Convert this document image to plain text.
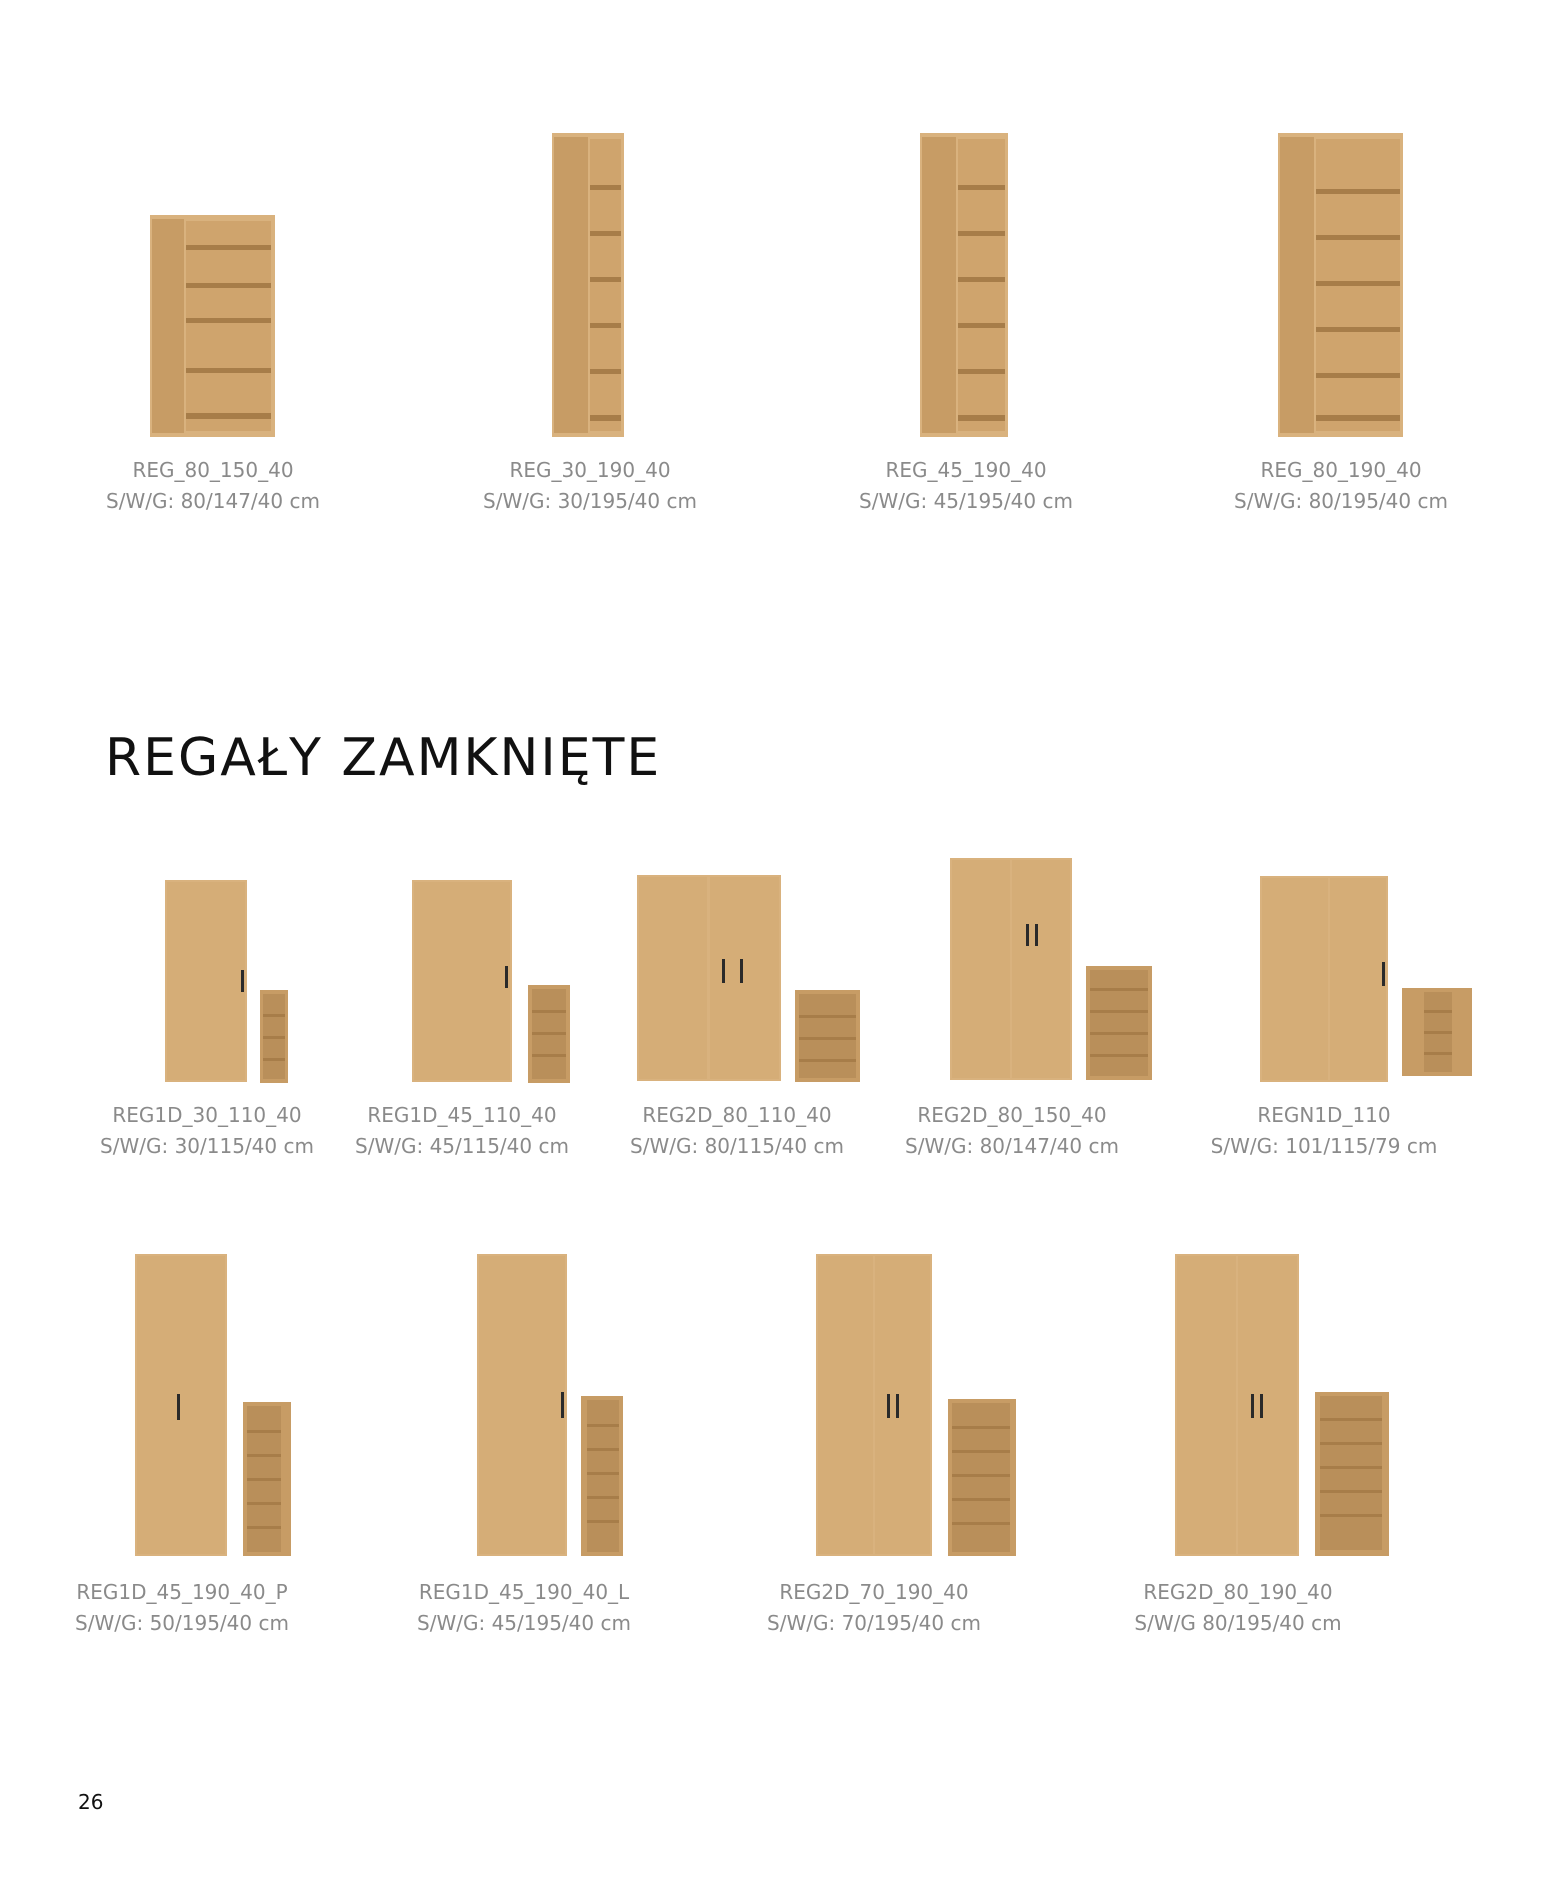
REG_80_150_40
S/W/G: 80/147/40 cm
REG_30_190_40
S/W/G: 30/195/40 cm
REG_45_190_40
S/W/G: 45/195/40 cm
REG_80_190_40
S/W/G: 80/195/40 cm
REGAŁY ZAMKNIĘTE
REG1D_30_110_40
S/W/G: 30/115/40 cm
REG1D_45_110_40
S/W/G: 45/115/40 cm
REG2D_80_110_40
S/W/G: 80/115/40 cm
REG2D_80_150_40
S/W/G: 80/147/40 cm
REGN1D_110
S/W/G: 101/115/79 cm
REG1D_45_190_40_P
S/W/G: 50/195/40 cm
REG1D_45_190_40_L
S/W/G: 45/195/40 cm
REG2D_70_190_40
S/W/G: 70/195/40 cm
REG2D_80_190_40
S/W/G 80/195/40 cm
26
